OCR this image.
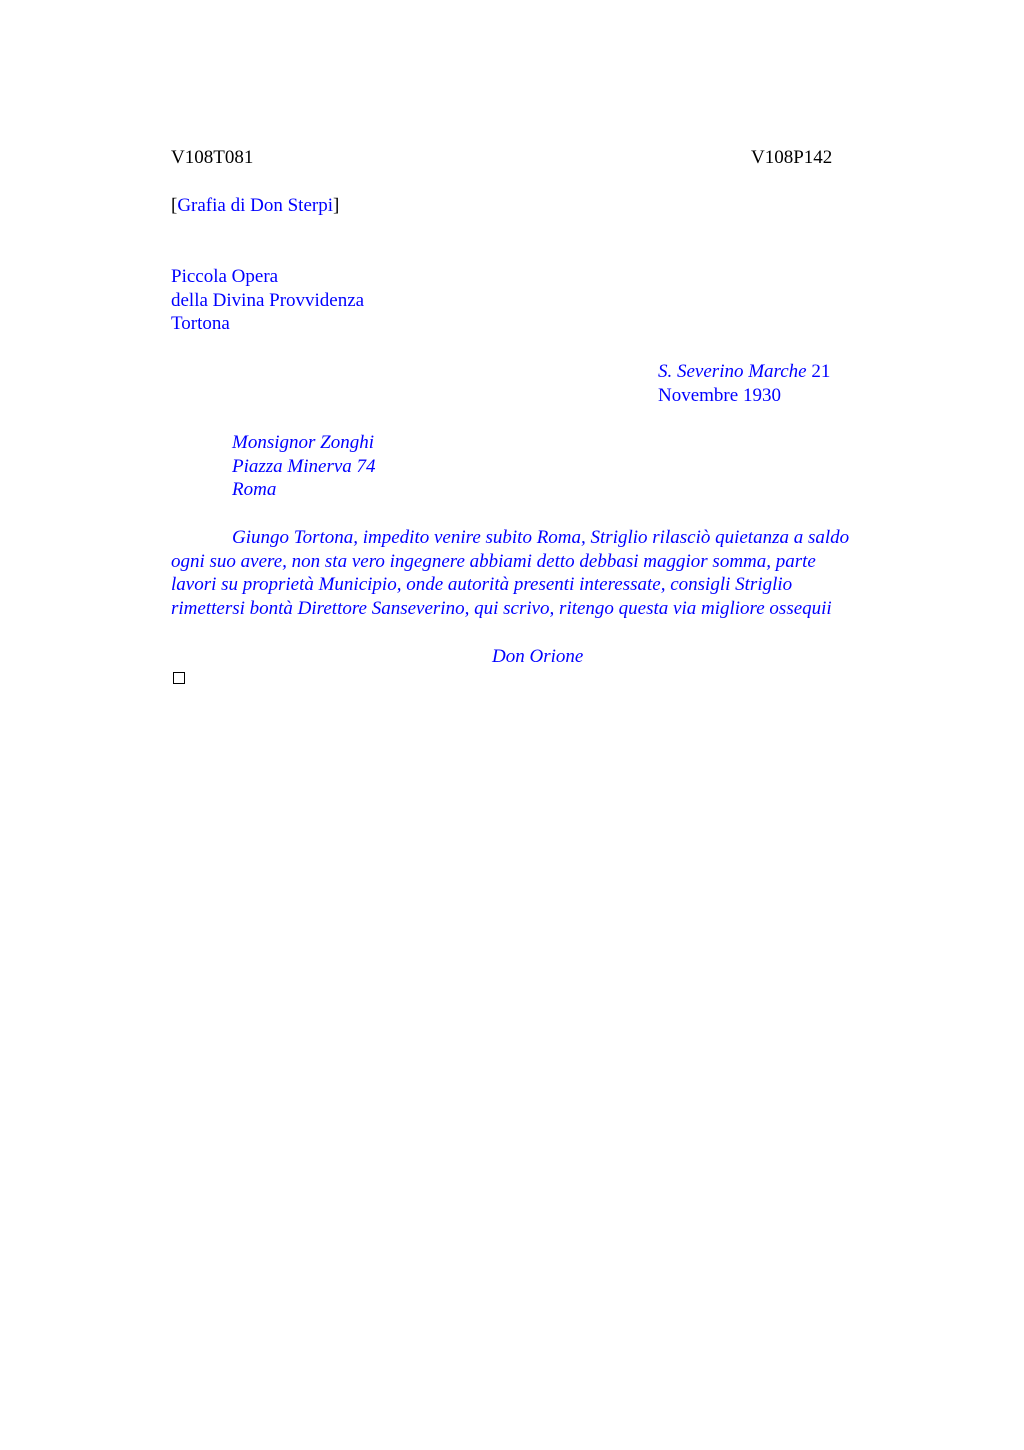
V108T081	V108P142
[Grafia di Don Sterpi]
Piccola Opera
della Divina Provvidenza
Tortona
S. Severino Marche 21
Novembre 1930
Monsignor Zonghi
Piazza Minerva 74
Roma
Giungo Tortona, impedito venire subito Roma, Striglio rilasciò quietanza a saldo
ogni suo avere, non sta vero ingegnere abbiami detto debbasi maggior somma, parte
lavori su proprietà Municipio, onde autorità presenti interessate, consigli Striglio
rimettersi bontà Direttore Sanseverino, qui scrivo, ritengo questa via migliore ossequii
Don Orione
